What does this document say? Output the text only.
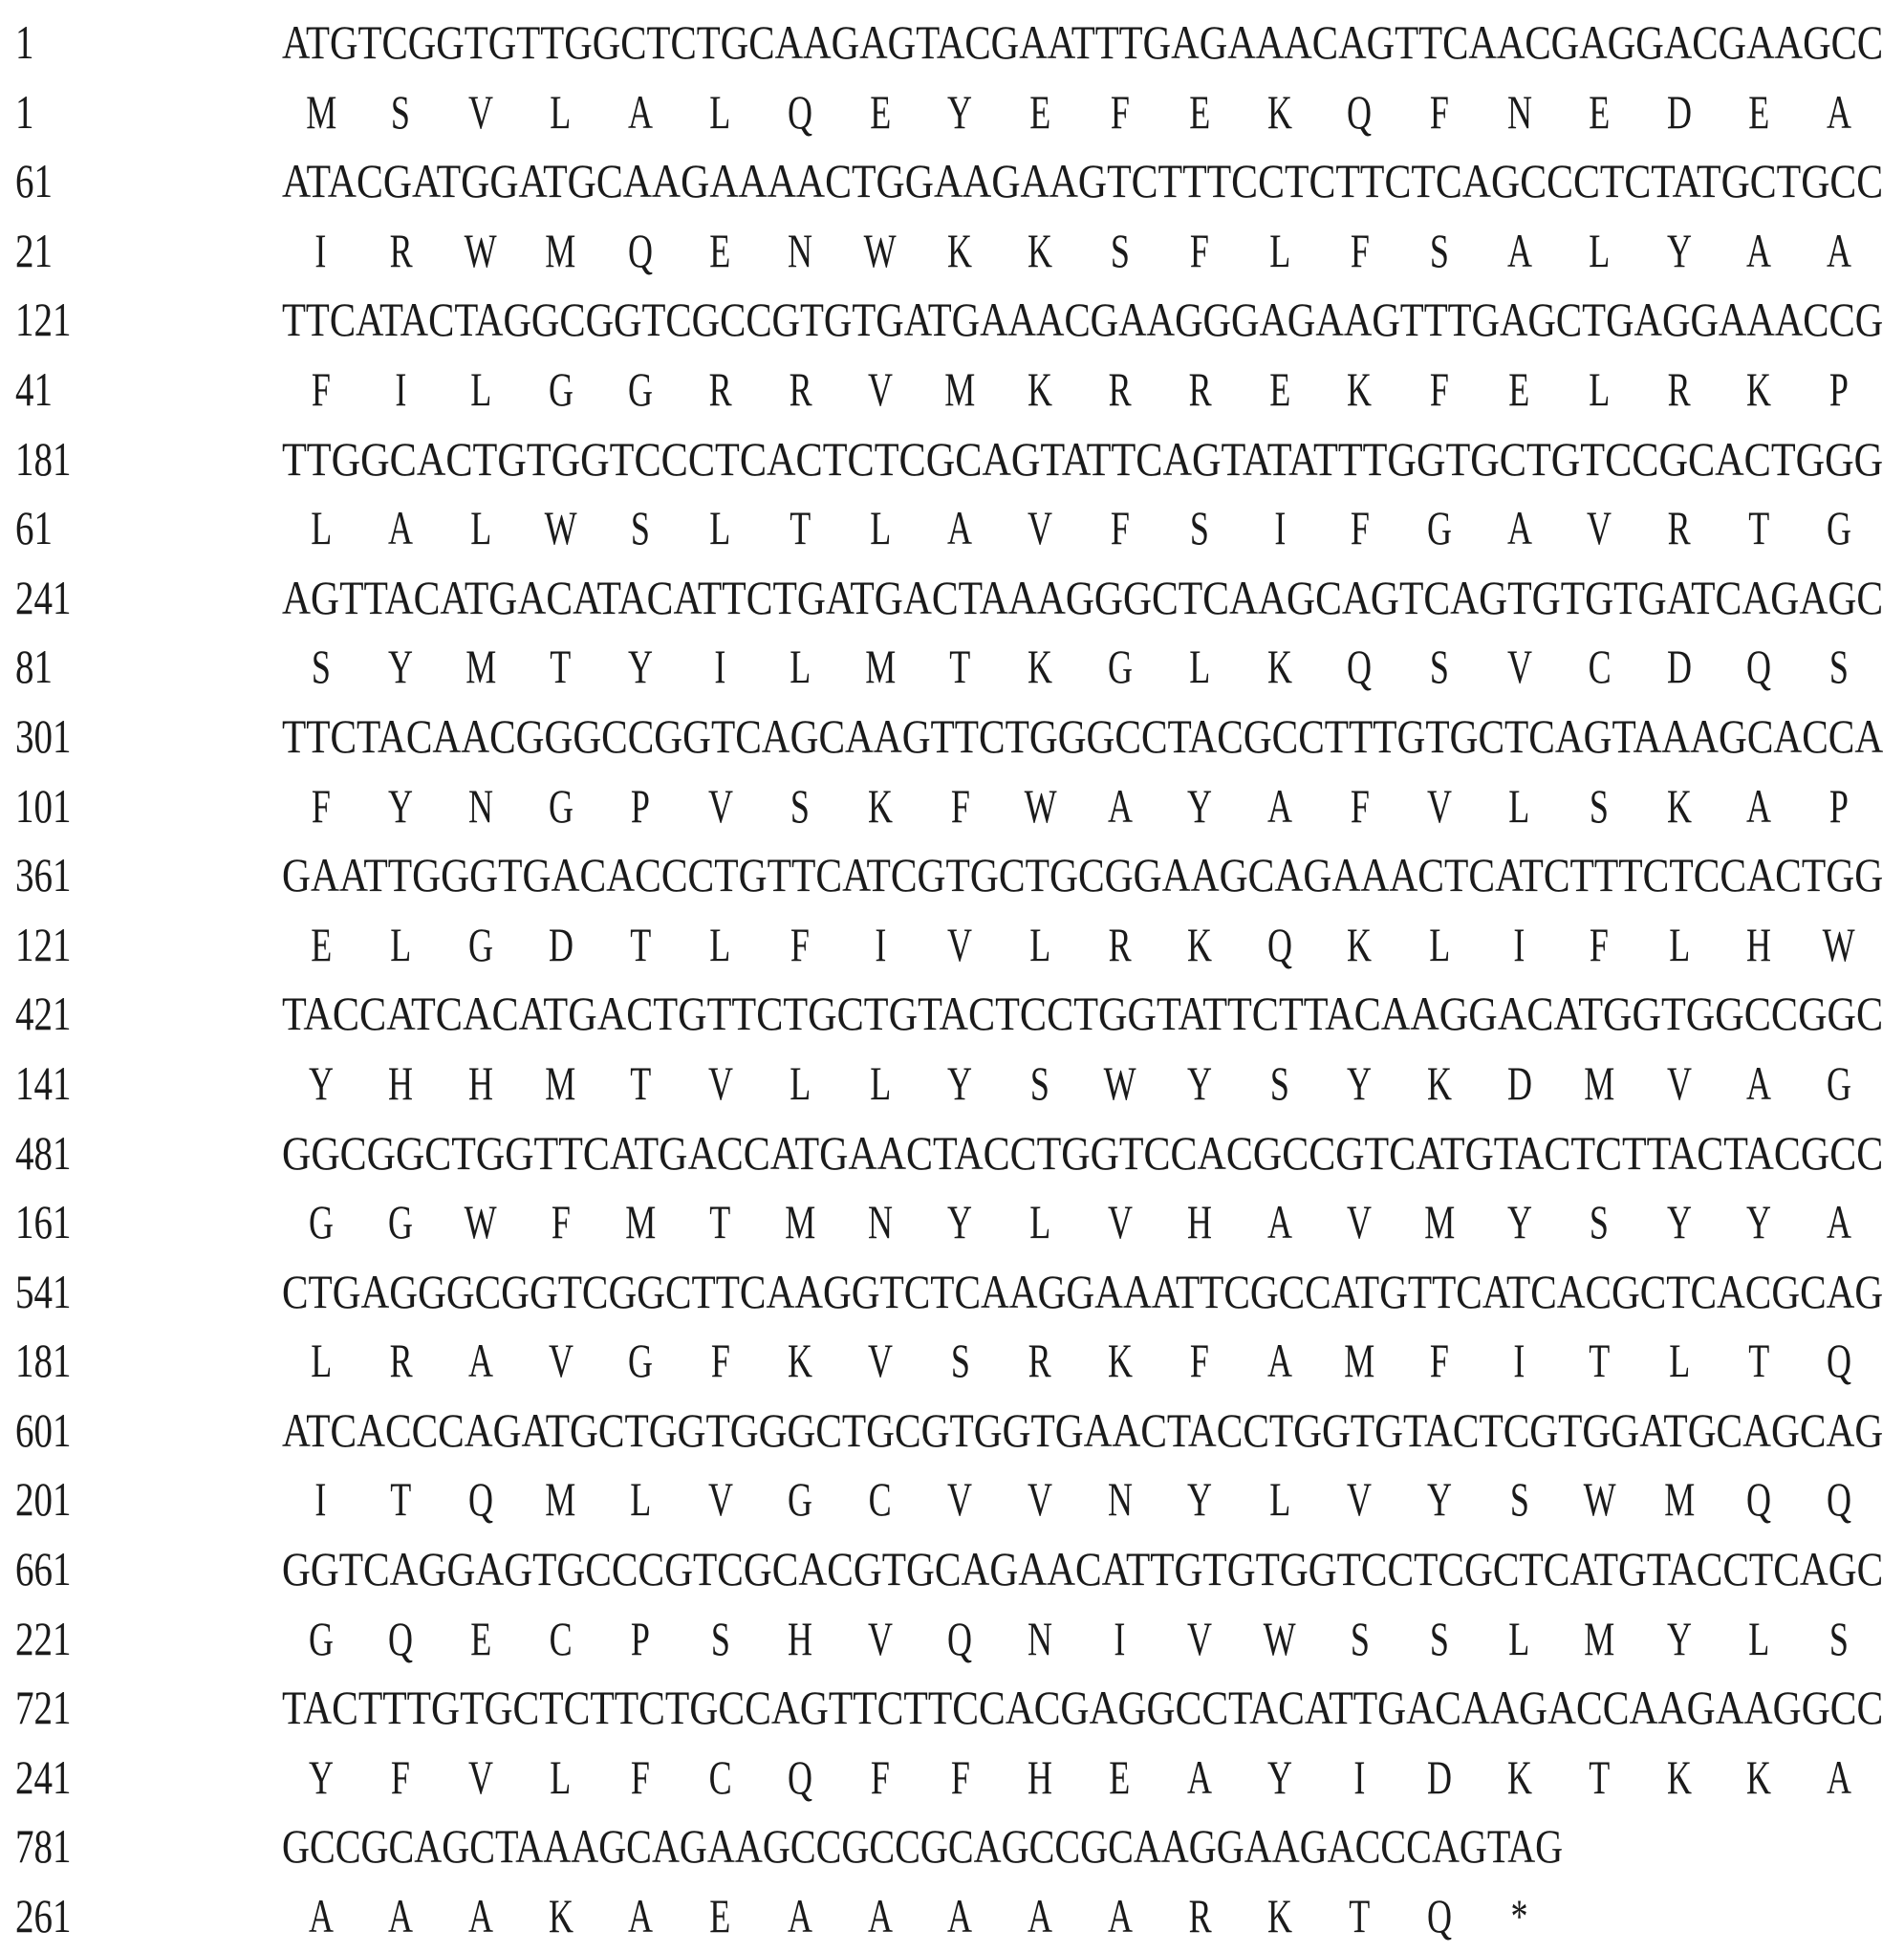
1	ATGTCGGTGTTGGCTCTGCAAGAGTACGAATTTGAGAAACAGTTCAACGAGGACGAAGCC
1	M	S	V	L	A	L	Q	E	Y	E	F	E	K	Q	F	N	E	D	E	A
61	ATACGATGGATGCAAGAAAACTGGAAGAAGTCTTTCCTCTTCTCAGCCCTCTATGCTGCC
21	I	R	W	M	Q	E	N	W	K	K	S	F	L	F	S	A	L	Y	A	A
121	TTCATACTAGGCGGTCGCCGTGTGATGAAACGAAGGGAGAAGTTTGAGCTGAGGAAACCG
41	F	I	L	G	G	R	R	V	M	K	R	R	E	K	F	E	L	R	K	P
181	TTGGCACTGTGGTCCCTCACTCTCGCAGTATTCAGTATATTTGGTGCTGTCCGCACTGGG
61	L	A	L	W	S	L	T	L	A	V	F	S	I	F	G	A	V	R	T	G
241	AGTTACATGACATACATTCTGATGACTAAAGGGCTCAAGCAGTCAGTGTGTGATCAGAGC
81	S	Y	M	T	Y	I	L	M	T	K	G	L	K	Q	S	V	C	D	Q	S
301	TTCTACAACGGGCCGGTCAGCAAGTTCTGGGCCTACGCCTTTGTGCTCAGTAAAGCACCA
101	F	Y	N	G	P	V	S	K	F	W	A	Y	A	F	V	L	S	K	A	P
361	GAATTGGGTGACACCCTGTTCATCGTGCTGCGGAAGCAGAAACTCATCTTTCTCCACTGG
121	E	L	G	D	T	L	F	I	V	L	R	K	Q	K	L	I	F	L	H	W
421	TACCATCACATGACTGTTCTGCTGTACTCCTGGTATTCTTACAAGGACATGGTGGCCGGC
141	Y	H	H	M	T	V	L	L	Y	S	W	Y	S	Y	K	D	M	V	A	G
481	GGCGGCTGGTTCATGACCATGAACTACCTGGTCCACGCCGTCATGTACTCTTACTACGCC
161	G	G	W	F	M	T	M	N	Y	L	V	H	A	V	M	Y	S	Y	Y	A
541	CTGAGGGCGGTCGGCTTCAAGGTCTCAAGGAAATTCGCCATGTTCATCACGCTCACGCAG
181	L	R	A	V	G	F	K	V	S	R	K	F	A	M	F	I	T	L	T	Q
601	ATCACCCAGATGCTGGTGGGCTGCGTGGTGAACTACCTGGTGTACTCGTGGATGCAGCAG
201	I	T	Q	M	L	V	G	C	V	V	N	Y	L	V	Y	S	W	M	Q	Q
661	GGTCAGGAGTGCCCGTCGCACGTGCAGAACATTGTGTGGTCCTCGCTCATGTACCTCAGC
221	G	Q	E	C	P	S	H	V	Q	N	I	V	W	S	S	L	M	Y	L	S
721	TACTTTGTGCTCTTCTGCCAGTTCTTCCACGAGGCCTACATTGACAAGACCAAGAAGGCC
241	Y	F	V	L	F	C	Q	F	F	H	E	A	Y	I	D	K	T	K	K	A
781	GCCGCAGCTAAAGCAGAAGCCGCCGCAGCCGCAAGGAAGACCCAGTAG
261	A	A	A	K	A	E	A	A	A	A	A	R	K	T	Q	*
